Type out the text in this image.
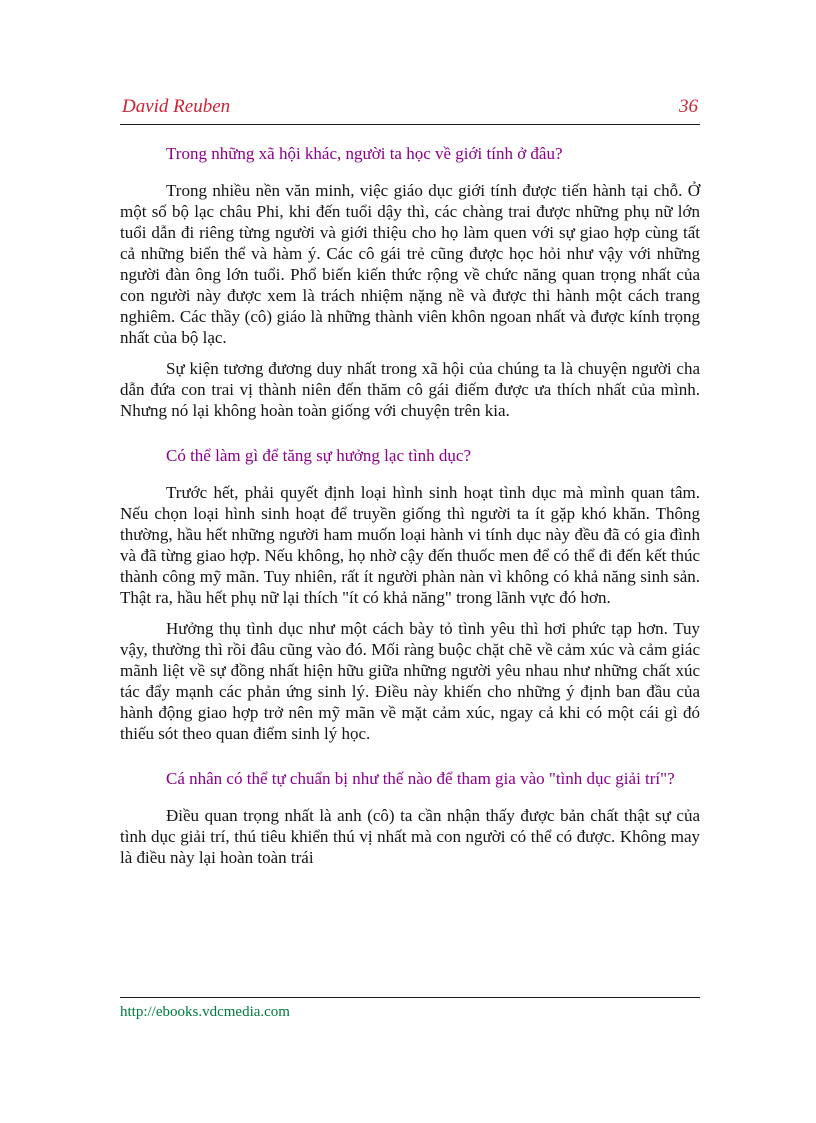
David Reuben	36
Trong những xã hội khác, người ta học về giới tính ở đâu?

Trong nhiều nền văn minh, việc giáo dục giới tính được tiến hành tại chỗ. Ở một số bộ lạc châu Phi, khi đến tuổi dậy thì, các chàng trai được những phụ nữ lớn tuổi dẫn đi riêng từng người và giới thiệu cho họ làm quen với sự giao hợp cùng tất cả những biến thể và hàm ý. Các cô gái trẻ cũng được học hỏi như vậy với những người đàn ông lớn tuổi. Phổ biến kiến thức rộng về chức năng quan trọng nhất của con người này được xem là trách nhiệm nặng nề và được thi hành một cách trang nghiêm. Các thầy (cô) giáo là những thành viên khôn ngoan nhất và được kính trọng nhất của bộ lạc.

Sự kiện tương đương duy nhất trong xã hội của chúng ta là chuyện người cha dẫn đứa con trai vị thành niên đến thăm cô gái điếm được ưa thích nhất của mình. Nhưng nó lại không hoàn toàn giống với chuyện trên kia.

Có thể làm gì để tăng sự hưởng lạc tình dục?

Trước hết, phải quyết định loại hình sinh hoạt tình dục mà mình quan tâm. Nếu chọn loại hình sinh hoạt để truyền giống thì người ta ít gặp khó khăn. Thông thường, hầu hết những người ham muốn loại hành vi tính dục này đều đã có gia đình và đã từng giao hợp. Nếu không, họ nhờ cậy đến thuốc men để có thể đi đến kết thúc thành công mỹ mãn. Tuy nhiên, rất ít người phàn nàn vì không có khả năng sinh sản. Thật ra, hầu hết phụ nữ lại thích "ít có khả năng" trong lãnh vực đó hơn.

Hưởng thụ tình dục như một cách bày tỏ tình yêu thì hơi phức tạp hơn. Tuy vậy, thường thì rồi đâu cũng vào đó. Mối ràng buộc chặt chẽ về cảm xúc và cảm giác mãnh liệt về sự đồng nhất hiện hữu giữa những người yêu nhau như những chất xúc tác đẩy mạnh các phản ứng sinh lý. Điều này khiến cho những ý định ban đầu của hành động giao hợp trở nên mỹ mãn về mặt cảm xúc, ngay cả khi có một cái gì đó thiếu sót theo quan điểm sinh lý học.

Cá nhân có thể tự chuẩn bị như thế nào để tham gia vào "tình dục giải trí"?

Điều quan trọng nhất là anh (cô) ta cần nhận thấy được bản chất thật sự của tình dục giải trí, thú tiêu khiển thú vị nhất mà con người có thể có được. Không may là điều này lại hoàn toàn trái

http://ebooks.vdcmedia.com
